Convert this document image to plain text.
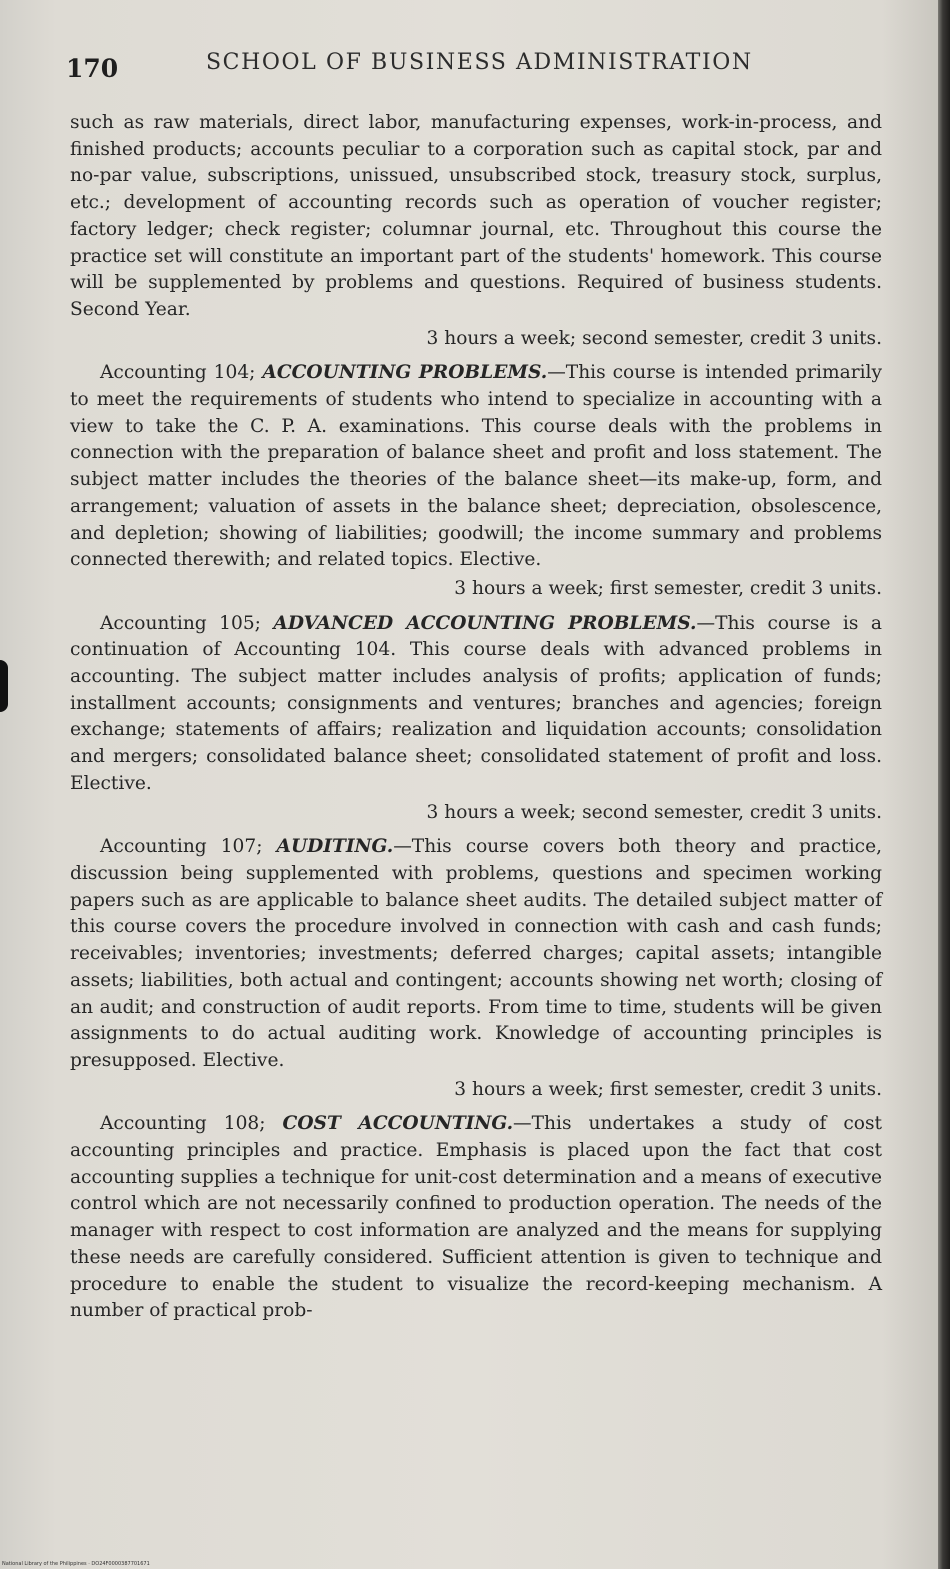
170	SCHOOL OF BUSINESS ADMINISTRATION

such as raw materials, direct labor, manufacturing expenses, work-in-process, and finished products; accounts peculiar to a corporation such as capital stock, par and no-par value, subscriptions, unissued, unsubscribed stock, treasury stock, surplus, etc.; development of accounting records such as operation of voucher register; factory ledger; check register; columnar journal, etc. Throughout this course the practice set will constitute an important part of the students' homework. This course will be supplemented by problems and questions. Required of business students. Second Year.

3 hours a week; second semester, credit 3 units.

Accounting 104; ACCOUNTING PROBLEMS.—This course is intended primarily to meet the requirements of students who intend to specialize in accounting with a view to take the C. P. A. examinations. This course deals with the problems in connection with the preparation of balance sheet and profit and loss statement. The subject matter includes the theories of the balance sheet—its make-up, form, and arrangement; valuation of assets in the balance sheet; depreciation, obsolescence, and depletion; showing of liabilities; goodwill; the income summary and problems connected therewith; and related topics. Elective.

3 hours a week; first semester, credit 3 units.

Accounting 105; ADVANCED ACCOUNTING PROBLEMS.—This course is a continuation of Accounting 104. This course deals with advanced problems in accounting. The subject matter includes analysis of profits; application of funds; installment accounts; consignments and ventures; branches and agencies; foreign exchange; statements of affairs; realization and liquidation accounts; consolidation and mergers; consolidated balance sheet; consolidated statement of profit and loss. Elective.

3 hours a week; second semester, credit 3 units.

Accounting 107; AUDITING.—This course covers both theory and practice, discussion being supplemented with problems, questions and specimen working papers such as are applicable to balance sheet audits. The detailed subject matter of this course covers the procedure involved in connection with cash and cash funds; receivables; inventories; investments; deferred charges; capital assets; intangible assets; liabilities, both actual and contingent; accounts showing net worth; closing of an audit; and construction of audit reports. From time to time, students will be given assignments to do actual auditing work. Knowledge of accounting principles is presupposed. Elective.

3 hours a week; first semester, credit 3 units.

Accounting 108; COST ACCOUNTING.—This undertakes a study of cost accounting principles and practice. Emphasis is placed upon the fact that cost accounting supplies a technique for unit-cost determination and a means of executive control which are not necessarily confined to production operation. The needs of the manager with respect to cost information are analyzed and the means for supplying these needs are carefully considered. Sufficient attention is given to technique and procedure to enable the student to visualize the record-keeping mechanism. A number of practical prob-

National Library of the Philippines · DO24F0000387701671
